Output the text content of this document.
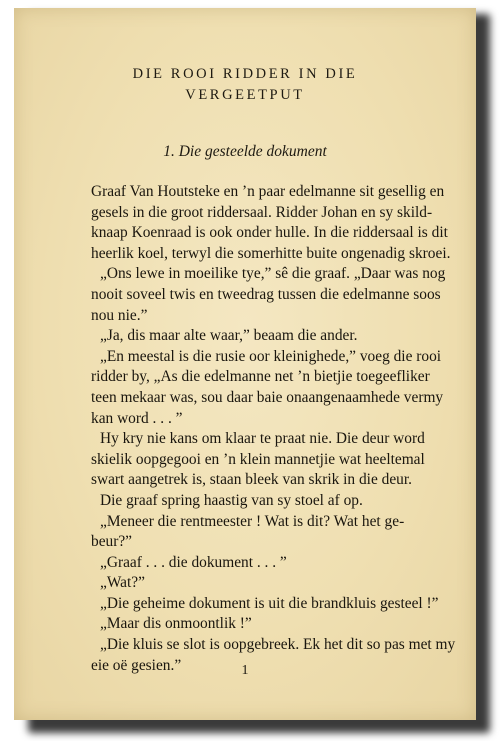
DIE ROOI RIDDER IN DIE
VERGEETPUT
1. Die gesteelde dokument
Graaf Van Houtsteke en ’n paar edelmanne sit gesellig en
gesels in die groot riddersaal. Ridder Johan en sy skild-
knaap Koenraad is ook onder hulle. In die riddersaal is dit
heerlik koel, terwyl die somerhitte buite ongenadig skroei.
„Ons lewe in moeilike tye,” sê die graaf. „Daar was nog
nooit soveel twis en tweedrag tussen die edelmanne soos
nou nie.”
„Ja, dis maar alte waar,” beaam die ander.
„En meestal is die rusie oor kleinighede,” voeg die rooi
ridder by, „As die edelmanne net ’n bietjie toegeefliker
teen mekaar was, sou daar baie onaangenaamhede vermy
kan word . . . ”
Hy kry nie kans om klaar te praat nie. Die deur word
skielik oopgegooi en ’n klein mannetjie wat heeltemal
swart aangetrek is, staan bleek van skrik in die deur.
Die graaf spring haastig van sy stoel af op.
„Meneer die rentmeester ! Wat is dit? Wat het ge-
beur?”
„Graaf . . . die dokument . . . ”
„Wat?”
„Die geheime dokument is uit die brandkluis gesteel !”
„Maar dis onmoontlik !”
„Die kluis se slot is oopgebreek. Ek het dit so pas met my
eie oë gesien.”	1
